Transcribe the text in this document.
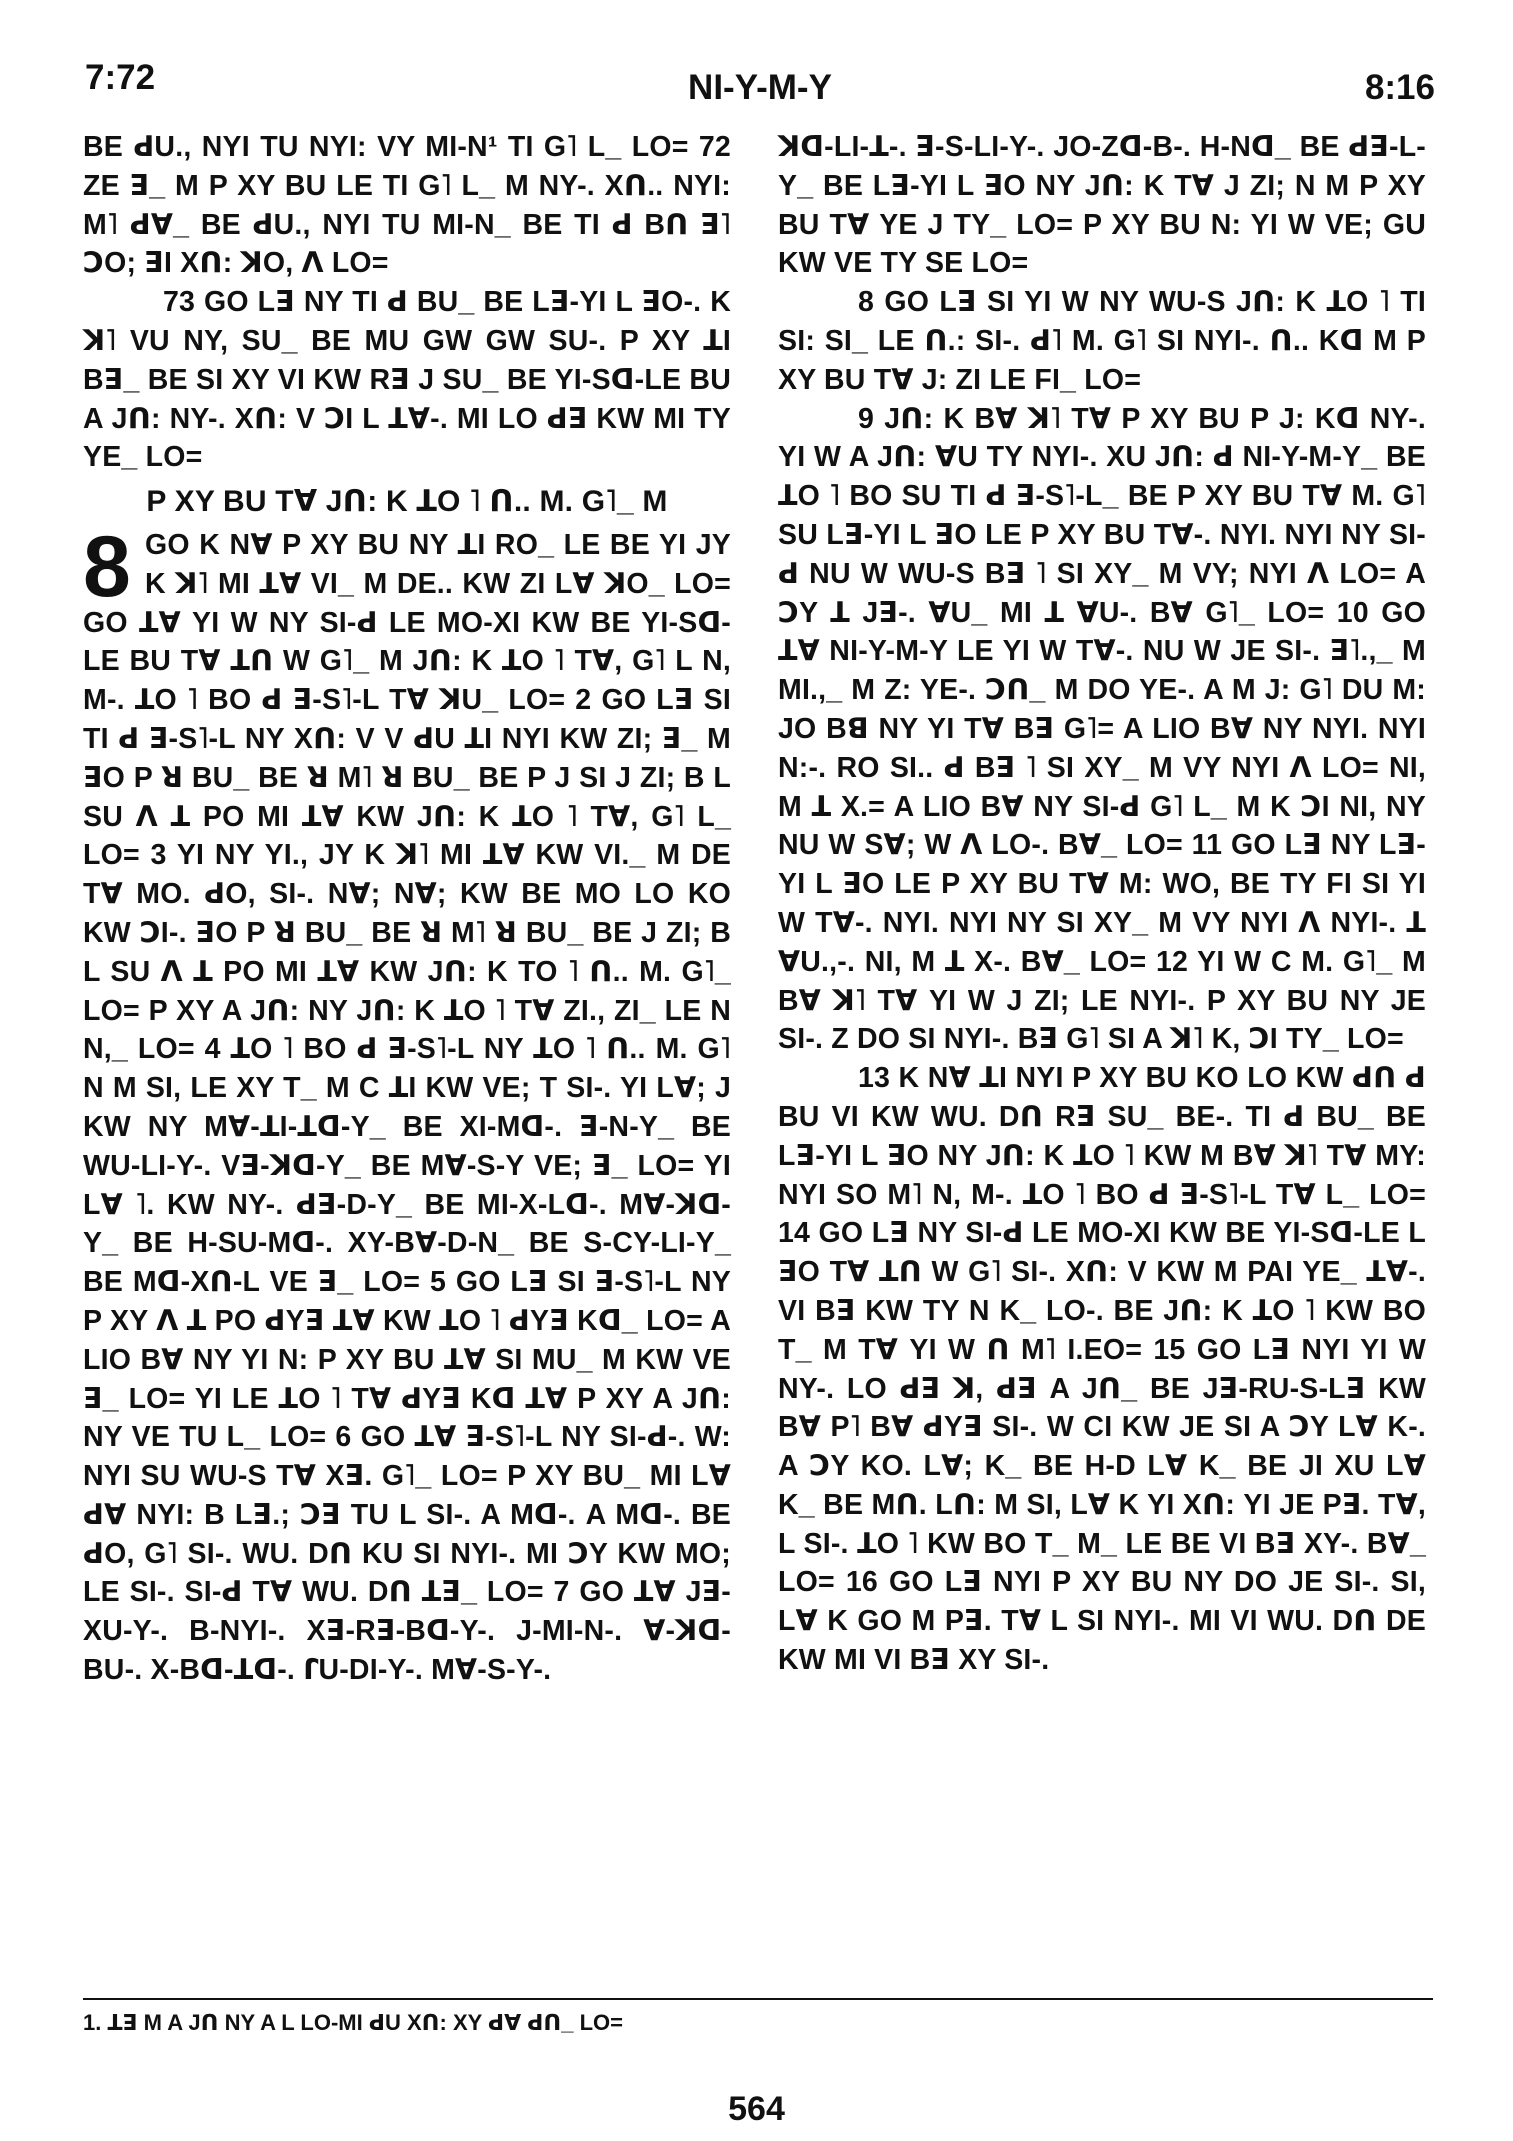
7:72	NI-Y-M-Y	8:16

BE ꓒU., NYI TU NYI: VY MI-N¹ TI G˥ L_ LO= 72 ZE ꓱ_ M P XY BU LE TI G˥ L_ M NY-. Xꓵ.. NYI: M˥ ꓒꓯ_ BE ꓒU., NYI TU MI-N_ BE TI ꓒ Bꓵ ꓱ˥ ꓛO; ꓱI Xꓵ: ꓘO, ꓥ LO=

73 GO Lꓱ NY TI ꓒ BU_ BE Lꓱ-YI L ꓱO-. K ꓘ˥ VU NY, SU_ BE MU GW GW SU-. P XY ꓕI Bꓱ_ BE SI XY VI KW Rꓱ J SU_ BE YI-Sꓷ-LE BU A Jꓵ: NY-. Xꓵ: V ꓛI L ꓕꓯ-. MI LO ꓒꓱ KW MI TY YE_ LO=

P XY BU Tꓯ Jꓵ: K ꓕO ˥ ꓵ.. M. G˥_ M

8 GO K Nꓯ P XY BU NY ꓕI RO_ LE BE YI JY K ꓘ˥ MI ꓕꓯ VI_ M DE.. KW ZI Lꓯ ꓘO_ LO= GO ꓕꓯ YI W NY SI-ꓒ LE MO-XI KW BE YI-Sꓷ-LE BU Tꓯ ꓕꓵ W G˥_ M Jꓵ: K ꓕO ˥ Tꓯ, G˥ L N, M-. ꓕO ˥ BO ꓒ ꓱ-S˥-L Tꓯ ꓘU_ LO= 2 GO Lꓱ SI TI ꓒ ꓱ-S˥-L NY Xꓵ: V V ꓒU ꓕI NYI KW ZI; ꓱ_ M ꓱO P ꓤ BU_ BE ꓤ M˥ ꓤ BU_ BE P J SI J ZI; B L SU ꓥ ꓕ PO MI ꓕꓯ KW Jꓵ: K ꓕO ˥ Tꓯ, G˥ L_ LO= 3 YI NY YI., JY K ꓘ˥ MI ꓕꓯ KW VI._ M DE Tꓯ MO. ꓒO, SI-. Nꓯ; Nꓯ; KW BE MO LO KO KW ꓛI-. ꓱO P ꓤ BU_ BE ꓤ M˥ ꓤ BU_ BE J ZI; B L SU ꓥ ꓕ PO MI ꓕꓯ KW Jꓵ: K TO ˥ ꓵ.. M. G˥_ LO= P XY A Jꓵ: NY Jꓵ: K ꓕO ˥ Tꓯ ZI., ZI_ LE N N,_ LO= 4 ꓕO ˥ BO ꓒ ꓱ-S˥-L NY ꓕO ˥ ꓵ.. M. G˥ N M SI, LE XY T_ M C ꓕI KW VE; T SI-. YI Lꓯ; J KW NY Mꓯ-ꓕI-ꓕꓷ-Y_ BE XI-Mꓷ-. ꓱ-N-Y_ BE WU-LI-Y-. Vꓱ-ꓘꓷ-Y_ BE Mꓯ-S-Y VE; ꓱ_ LO= YI Lꓯ ˥. KW NY-. ꓒꓱ-D-Y_ BE MI-X-Lꓷ-. Mꓯ-ꓘꓷ-Y_ BE H-SU-Mꓷ-. XY-Bꓯ-D-N_ BE S-CY-LI-Y_ BE Mꓷ-Xꓵ-L VE ꓱ_ LO= 5 GO Lꓱ SI ꓱ-S˥-L NY P XY ꓥ ꓕ PO ꓒYꓱ ꓕꓯ KW ꓕO ˥ ꓒYꓱ Kꓷ_ LO= A LIO Bꓯ NY YI N: P XY BU ꓕꓯ SI MU_ M KW VE ꓱ_ LO= YI LE ꓕO ˥ Tꓯ ꓒYꓱ Kꓷ ꓕꓯ P XY A Jꓵ: NY VE TU L_ LO= 6 GO ꓕꓯ ꓱ-S˥-L NY SI-ꓒ-. W: NYI SU WU-S Tꓯ Xꓱ. G˥_ LO= P XY BU_ MI Lꓯ ꓒꓯ NYI: B Lꓱ.; ꓛꓱ TU L SI-. A Mꓷ-. A Mꓷ-. BE ꓒO, G˥ SI-. WU. Dꓵ KU SI NYI-. MI ꓛY KW MO; LE SI-. SI-ꓒ Tꓯ WU. Dꓵ ꓕꓱ_ LO= 7 GO ꓕꓯ Jꓱ-XU-Y-. B-NYI-. Xꓱ-Rꓱ-Bꓷ-Y-. J-MI-N-. ꓯ-ꓘꓷ-BU-. X-Bꓷ-ꓕꓷ-. ꓩU-DI-Y-. Mꓯ-S-Y-.

ꓘꓷ-LI-ꓕ-. ꓱ-S-LI-Y-. JO-Zꓷ-B-. H-Nꓷ_ BE ꓒꓱ-L-Y_ BE Lꓱ-YI L ꓱO NY Jꓵ: K Tꓯ J ZI; N M P XY BU Tꓯ YE J TY_ LO= P XY BU N: YI W VE; GU KW VE TY SE LO=

8 GO Lꓱ SI YI W NY WU-S Jꓵ: K ꓕO ˥ TI SI: SI_ LE ꓵ.: SI-. ꓒ˥ M. G˥ SI NYI-. ꓵ.. Kꓷ M P XY BU Tꓯ J: ZI LE FI_ LO=

9 Jꓵ: K Bꓯ ꓘ˥ Tꓯ P XY BU P J: Kꓷ NY-. YI W A Jꓵ: ꓯU TY NYI-. XU Jꓵ: ꓒ NI-Y-M-Y_ BE ꓕO ˥ BO SU TI ꓒ ꓱ-S˥-L_ BE P XY BU Tꓯ M. G˥ SU Lꓱ-YI L ꓱO LE P XY BU Tꓯ-. NYI. NYI NY SI-ꓒ NU W WU-S Bꓱ ˥ SI XY_ M VY; NYI ꓥ LO= A ꓛY ꓕ Jꓱ-. ꓯU_ MI ꓕ ꓯU-. Bꓯ G˥_ LO= 10 GO ꓕꓯ NI-Y-M-Y LE YI W Tꓯ-. NU W JE SI-. ꓱ˥.,_ M MI.,_ M Z: YE-. ꓛꓵ_ M DO YE-. A M J: G˥ DU M: JO Bꓭ NY YI Tꓯ Bꓱ G˥= A LIO Bꓯ NY NYI. NYI N:-. RO SI.. ꓒ Bꓱ ˥ SI XY_ M VY NYI ꓥ LO= NI, M ꓕ X.= A LIO Bꓯ NY SI-ꓒ G˥ L_ M K ꓛI NI, NY NU W Sꓯ; W ꓥ LO-. Bꓯ_ LO= 11 GO Lꓱ NY Lꓱ-YI L ꓱO LE P XY BU Tꓯ M: WO, BE TY FI SI YI W Tꓯ-. NYI. NYI NY SI XY_ M VY NYI ꓥ NYI-. ꓕ ꓯU.,-. NI, M ꓕ X-. Bꓯ_ LO= 12 YI W C M. G˥_ M Bꓯ ꓘ˥ Tꓯ YI W J ZI; LE NYI-. P XY BU NY JE SI-. Z DO SI NYI-. Bꓱ G˥ SI A ꓘ˥ K, ꓛI TY_ LO=

13 K Nꓯ ꓕI NYI P XY BU KO LO KW ꓒꓵ ꓒ BU VI KW WU. Dꓵ Rꓱ SU_ BE-. TI ꓒ BU_ BE Lꓱ-YI L ꓱO NY Jꓵ: K ꓕO ˥ KW M Bꓯ ꓘ˥ Tꓯ MY: NYI SO M˥ N, M-. ꓕO ˥ BO ꓒ ꓱ-S˥-L Tꓯ L_ LO= 14 GO Lꓱ NY SI-ꓒ LE MO-XI KW BE YI-Sꓷ-LE L ꓱO Tꓯ ꓕꓵ W G˥ SI-. Xꓵ: V KW M PAI YE_ ꓕꓯ-. VI Bꓱ KW TY N K_ LO-. BE Jꓵ: K ꓕO ˥ KW BO T_ M Tꓯ YI W ꓵ M˥ I.EO= 15 GO Lꓱ NYI YI W NY-. LO ꓒꓱ ꓘ, ꓒꓱ A Jꓵ_ BE Jꓱ-RU-S-Lꓱ KW Bꓯ P˥ Bꓯ ꓒYꓱ SI-. W CI KW JE SI A ꓛY Lꓯ K-. A ꓛY KO. Lꓯ; K_ BE H-D Lꓯ K_ BE JI XU Lꓯ K_ BE Mꓵ. Lꓵ: M SI, Lꓯ K YI Xꓵ: YI JE Pꓱ. Tꓯ, L SI-. ꓕO ˥ KW BO T_ M_ LE BE VI Bꓱ XY-. Bꓯ_ LO= 16 GO Lꓱ NYI P XY BU NY DO JE SI-. SI, Lꓯ K GO M Pꓱ. Tꓯ L SI NYI-. MI VI WU. Dꓵ DE KW MI VI Bꓱ XY SI-.

1. ꓕꓱ M A Jꓵ NY A L LO-MI ꓒU Xꓵ: XY ꓒꓯ ꓒꓵ_ LO=
564
